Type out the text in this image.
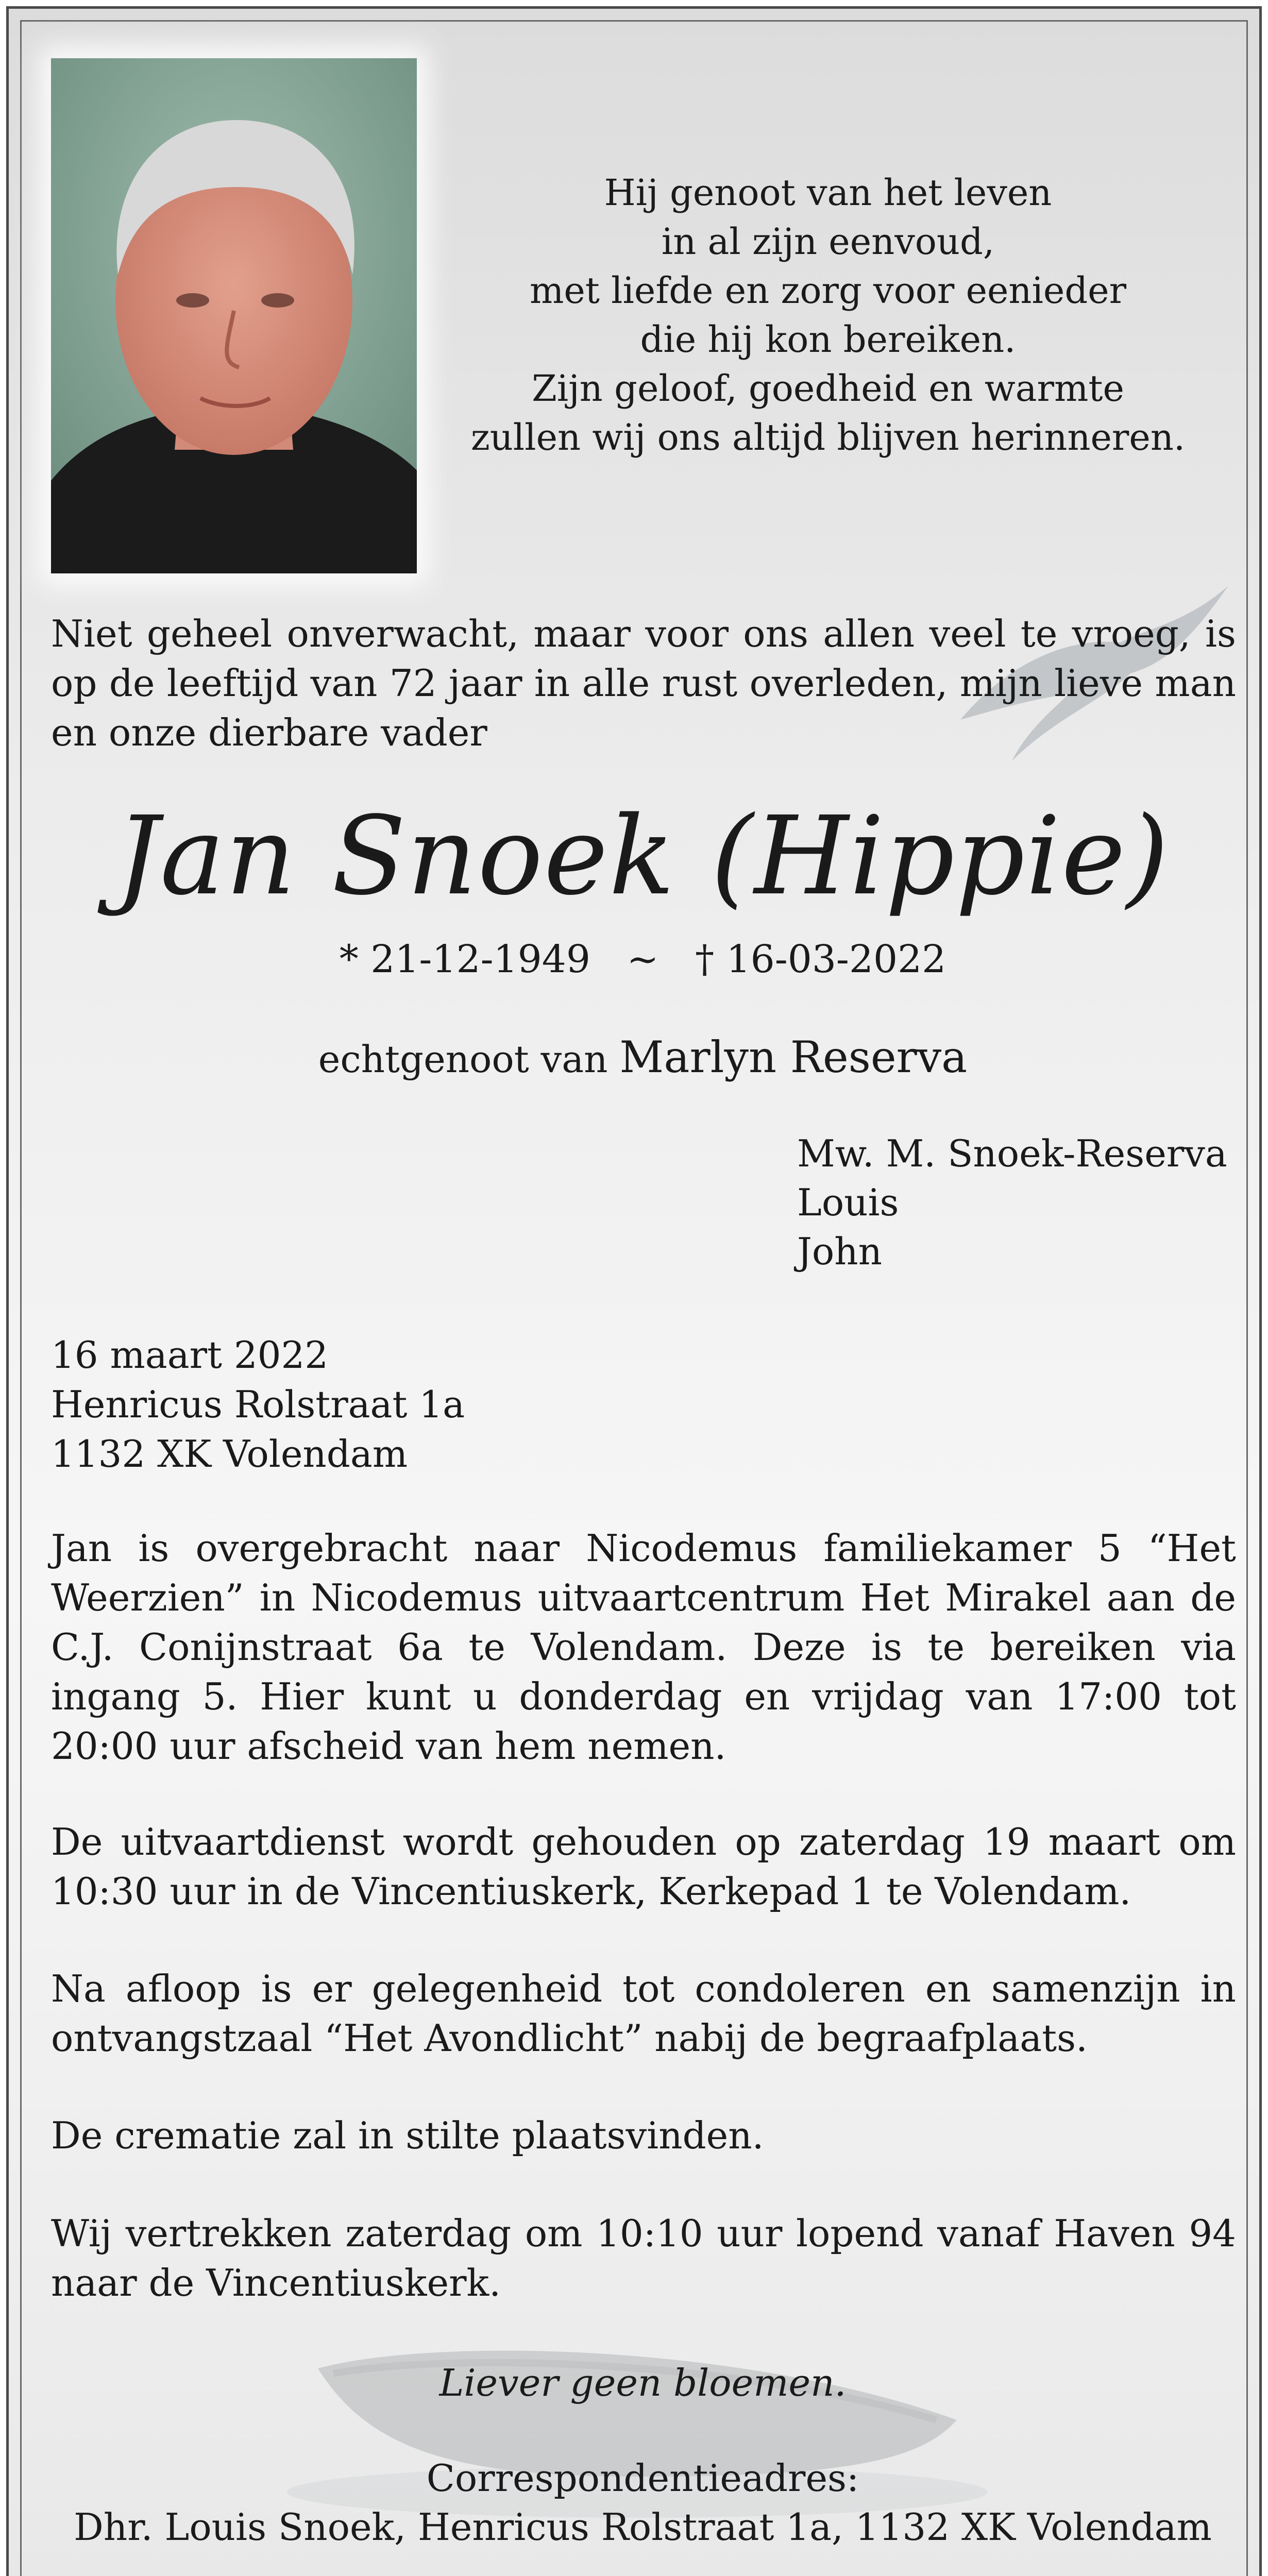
Hij genoot van het leven
in al zijn eenvoud,
met liefde en zorg voor eenieder
die hij kon bereiken.
Zijn geloof, goedheid en warmte
zullen wij ons altijd blijven herinneren.
Niet geheel onverwacht, maar voor ons allen veel te vroeg, is op de leeftijd van 72 jaar in alle rust overleden, mijn lieve man en onze dierbare vader
Jan Snoek (Hippie)
* 21-12-1949   ~   † 16-03-2022
echtgenoot van Marlyn Reserva
Mw. M. Snoek-Reserva
Louis
John
16 maart 2022
Henricus Rolstraat 1a
1132 XK Volendam
Jan is overgebracht naar Nicodemus familiekamer 5 “Het Weerzien” in Nicodemus uitvaartcentrum Het Mirakel aan de C.J. Conijnstraat 6a te Volendam. Deze is te bereiken via ingang 5. Hier kunt u donderdag en vrijdag van 17:00 tot 20:00 uur afscheid van hem nemen.
De uitvaartdienst wordt gehouden op zaterdag 19 maart om 10:30 uur in de Vincentiuskerk, Kerkepad 1 te Volendam.
Na afloop is er gelegenheid tot condoleren en samenzijn in ontvangstzaal “Het Avondlicht” nabij de begraafplaats.
De crematie zal in stilte plaatsvinden.
Wij vertrekken zaterdag om 10:10 uur lopend vanaf Haven 94 naar de Vincentiuskerk.
Liever geen bloemen.
Correspondentieadres:
Dhr. Louis Snoek, Henricus Rolstraat 1a, 1132 XK Volendam
